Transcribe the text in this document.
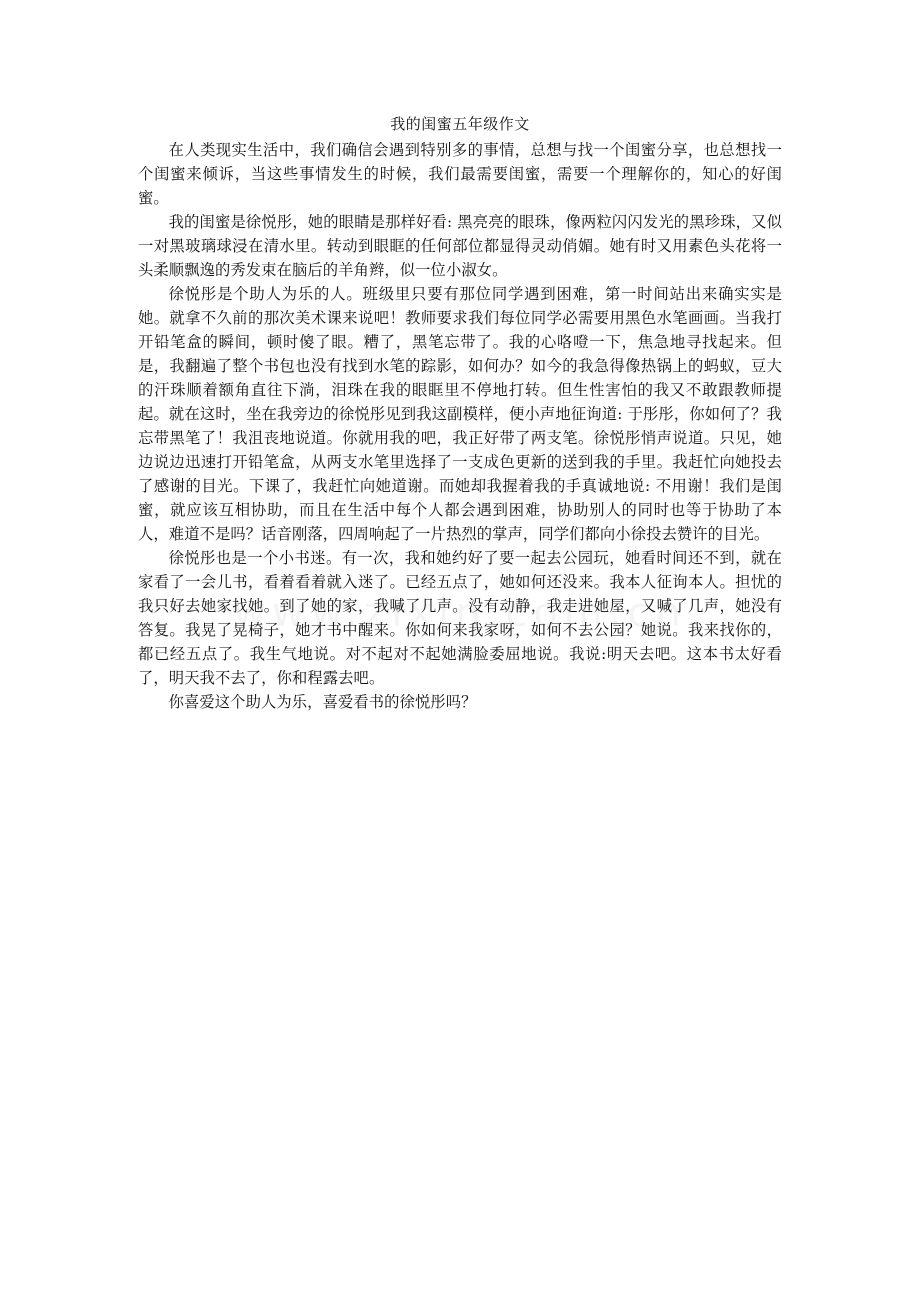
我的闺蜜五年级作文

在人类现实生活中，我们确信会遇到特别多的事情，总想与找一个闺蜜分享，也总想找一个闺蜜来倾诉，当这些事情发生的时候，我们最需要闺蜜，需要一个理解你的，知心的好闺蜜。

我的闺蜜是徐悦彤，她的眼睛是那样好看: 黑亮亮的眼珠，像两粒闪闪发光的黑珍珠，又似一对黑玻璃球浸在清水里。转动到眼眶的任何部位都显得灵动俏媚。她有时又用素色头花将一头柔顺飘逸的秀发束在脑后的羊角辫，似一位小淑女。

徐悦彤是个助人为乐的人。班级里只要有那位同学遇到困难，第一时间站出来确实实是她。就拿不久前的那次美术课来说吧！教师要求我们每位同学必需要用黑色水笔画画。当我打开铅笔盒的瞬间，顿时傻了眼。糟了，黑笔忘带了。我的心咯噔一下，焦急地寻找起来。但是，我翻遍了整个书包也没有找到水笔的踪影，如何办？如今的我急得像热锅上的蚂蚁，豆大的汗珠顺着额角直往下淌，泪珠在我的眼眶里不停地打转。但生性害怕的我又不敢跟教师提起。就在这时，坐在我旁边的徐悦彤见到我这副模样，便小声地征询道: 于彤彤，你如何了？我忘带黑笔了！我沮丧地说道。你就用我的吧，我正好带了两支笔。徐悦彤悄声说道。只见，她边说边迅速打开铅笔盒，从两支水笔里选择了一支成色更新的送到我的手里。我赶忙向她投去了感谢的目光。下课了，我赶忙向她道谢。而她却我握着我的手真诚地说: 不用谢！我们是闺蜜，就应该互相协助，而且在生活中每个人都会遇到困难，协助别人的同时也等于协助了本人，难道不是吗？话音刚落，四周响起了一片热烈的掌声，同学们都向小徐投去赞许的目光。

徐悦彤也是一个小书迷。有一次，我和她约好了要一起去公园玩，她看时间还不到，就在家看了一会儿书，看着看着就入迷了。已经五点了，她如何还没来。我本人征询本人。担忧的我只好去她家找她。到了她的家，我喊了几声。没有动静，我走进她屋，又喊了几声，她没有答复。我晃了晃椅子，她才书中醒来。你如何来我家呀，如何不去公园？她说。我来找你的，都已经五点了。我生气地说。对不起对不起她满脸委屈地说。我说:明天去吧。这本书太好看了，明天我不去了，你和程露去吧。

你喜爱这个助人为乐，喜爱看书的徐悦彤吗？
